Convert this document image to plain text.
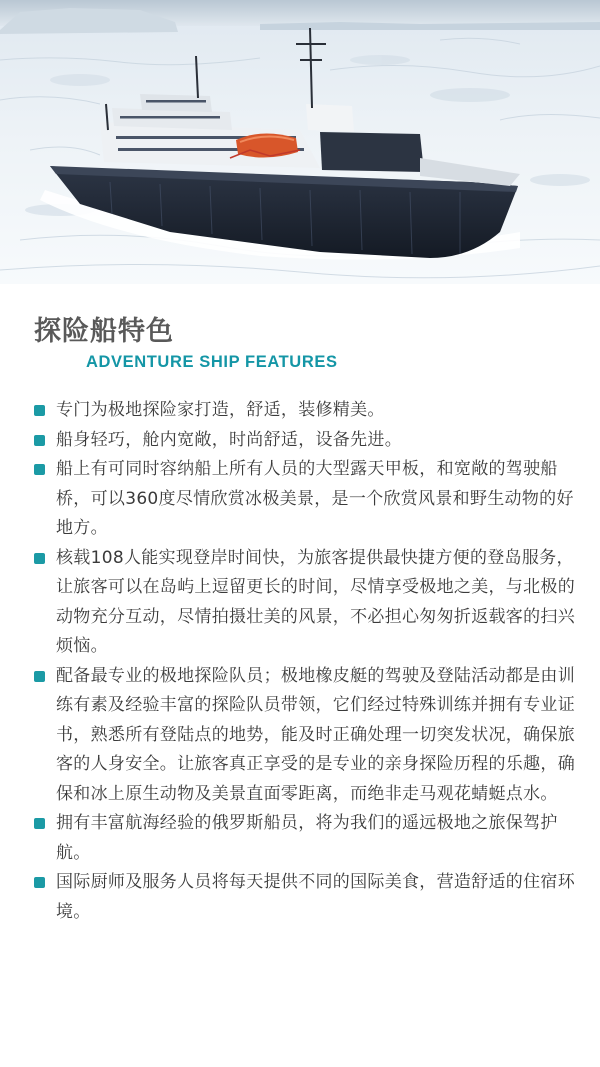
探险船特色
ADVENTURE SHIP FEATURES
专门为极地探险家打造，舒适，装修精美。
船身轻巧，舱内宽敞，时尚舒适，设备先进。
船上有可同时容纳船上所有人员的大型露天甲板，和宽敞的驾驶船桥，可以360度尽情欣赏冰极美景，是一个欣赏风景和野生动物的好地方。
核载108人能实现登岸时间快，为旅客提供最快捷方便的登岛服务，让旅客可以在岛屿上逗留更长的时间，尽情享受极地之美，与北极的动物充分互动，尽情拍摄壮美的风景，不必担心匆匆折返载客的扫兴烦恼。
配备最专业的极地探险队员；极地橡皮艇的驾驶及登陆活动都是由训练有素及经验丰富的探险队员带领，它们经过特殊训练并拥有专业证书，熟悉所有登陆点的地势，能及时正确处理一切突发状况，确保旅客的人身安全。让旅客真正享受的是专业的亲身探险历程的乐趣，确保和冰上原生动物及美景直面零距离，而绝非走马观花蜻蜓点水。
拥有丰富航海经验的俄罗斯船员，将为我们的遥远极地之旅保驾护航。
国际厨师及服务人员将每天提供不同的国际美食，营造舒适的住宿环境。
